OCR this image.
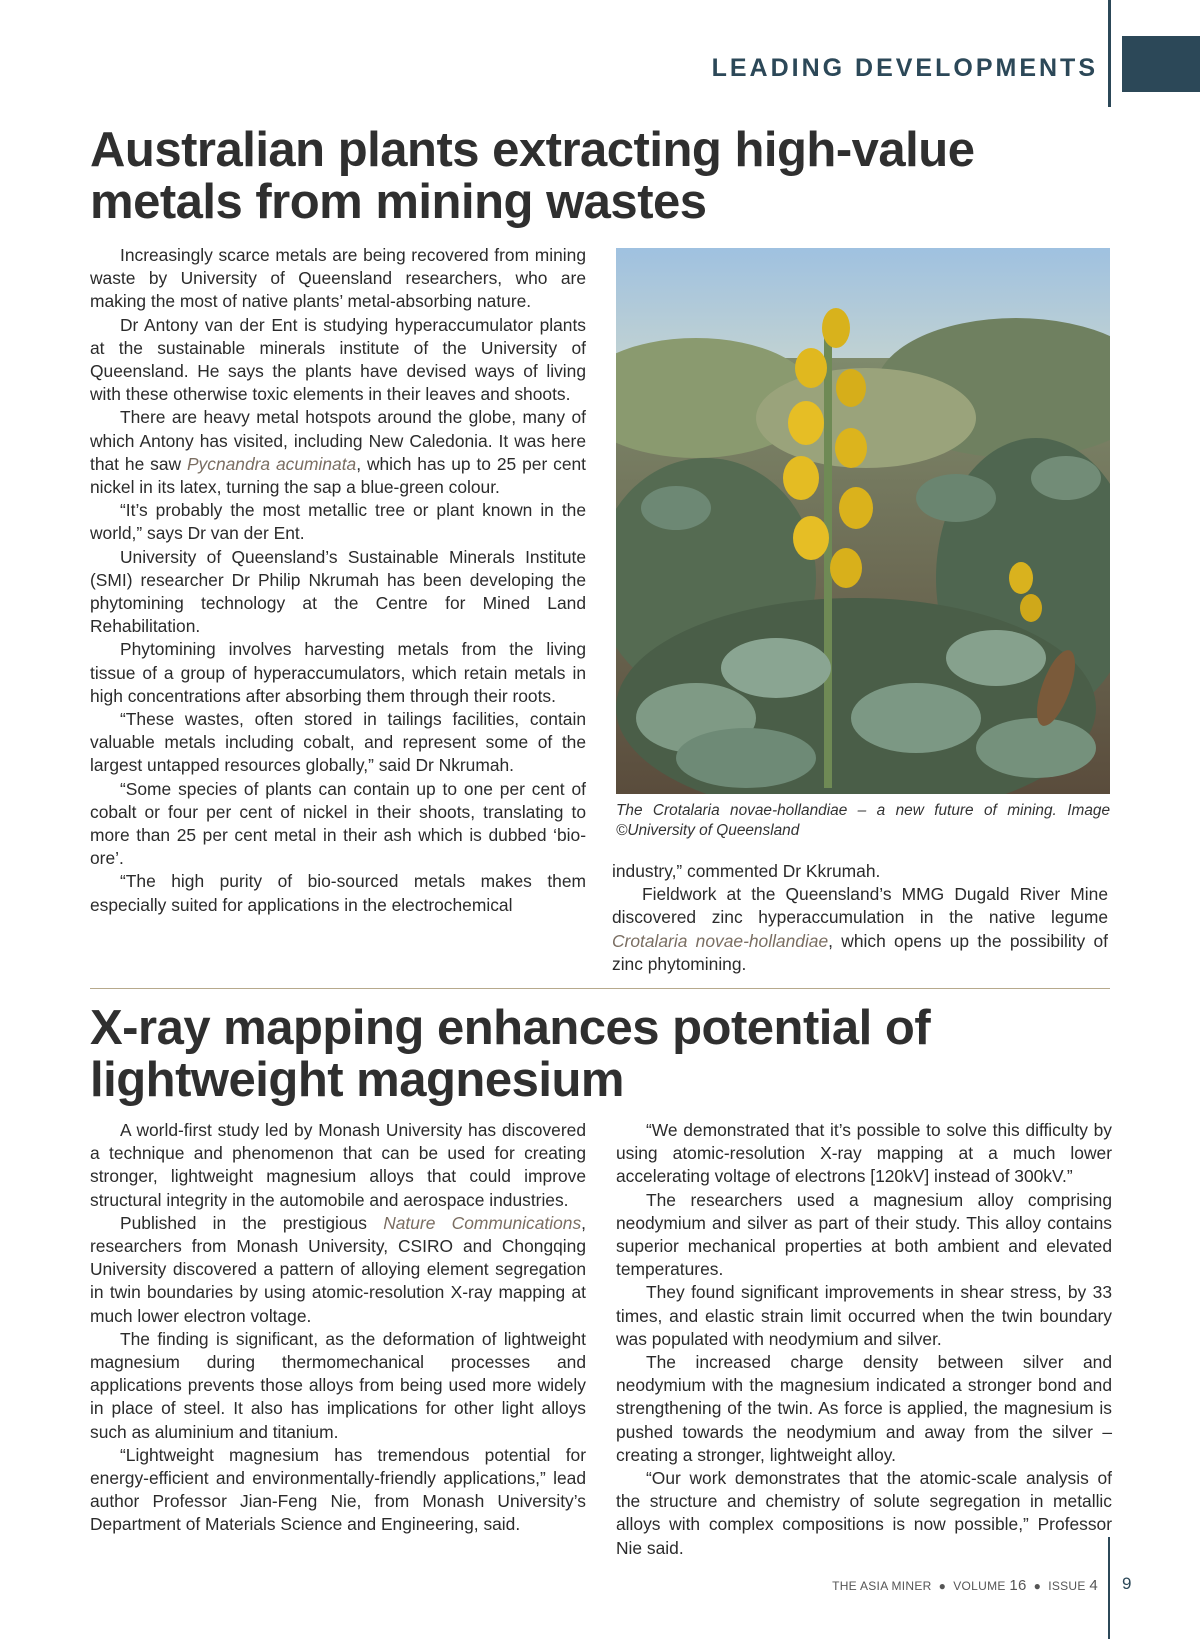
LEADING DEVELOPMENTS
Australian plants extracting high-value
metals from mining wastes

Increasingly scarce metals are being recovered from mining waste by University of Queensland researchers, who are making the most of native plants’ metal-absorbing nature.

Dr Antony van der Ent is studying hyperaccumulator plants at the sustainable minerals institute of the University of Queensland. He says the plants have devised ways of living with these otherwise toxic elements in their leaves and shoots.

There are heavy metal hotspots around the globe, many of which Antony has visited, including New Caledonia. It was here that he saw Pycnandra acuminata, which has up to 25 per cent nickel in its latex, turning the sap a blue-green colour.

“It’s probably the most metallic tree or plant known in the world,” says Dr van der Ent.

University of Queensland’s Sustainable Minerals Institute (SMI) researcher Dr Philip Nkrumah has been developing the phytomining technology at the Centre for Mined Land Rehabilitation.

Phytomining involves harvesting metals from the living tissue of a group of hyperaccumulators, which retain metals in high concentrations after absorbing them through their roots.

“These wastes, often stored in tailings facilities, contain valuable metals including cobalt, and represent some of the largest untapped resources globally,” said Dr Nkrumah.

“Some species of plants can contain up to one per cent of cobalt or four per cent of nickel in their shoots, translating to more than 25 per cent metal in their ash which is dubbed ‘bio-ore’.

“The high purity of bio-sourced metals makes them especially suited for applications in the electrochemical

The Crotalaria novae-hollandiae – a new future of mining. Image ©University of Queensland

industry,” commented Dr Kkrumah.

Fieldwork at the Queensland’s MMG Dugald River Mine discovered zinc hyperaccumulation in the native legume Crotalaria novae-hollandiae, which opens up the possibility of zinc phytomining.

X-ray mapping enhances potential of
lightweight magnesium

A world-first study led by Monash University has discovered a technique and phenomenon that can be used for creating stronger, lightweight magnesium alloys that could improve structural integrity in the automobile and aerospace industries.

Published in the prestigious Nature Communications, researchers from Monash University, CSIRO and Chongqing University discovered a pattern of alloying element segregation in twin boundaries by using atomic-resolution X-ray mapping at much lower electron voltage.

The finding is significant, as the deformation of lightweight magnesium during thermomechanical processes and applications prevents those alloys from being used more widely in place of steel. It also has implications for other light alloys such as aluminium and titanium.

“Lightweight magnesium has tremendous potential for energy-efficient and environmentally-friendly applications,” lead author Professor Jian-Feng Nie, from Monash University’s Department of Materials Science and Engineering, said.

“We demonstrated that it’s possible to solve this difficulty by using atomic-resolution X-ray mapping at a much lower accelerating voltage of electrons [120kV] instead of 300kV.”

The researchers used a magnesium alloy comprising neodymium and silver as part of their study. This alloy contains superior mechanical properties at both ambient and elevated temperatures.

They found significant improvements in shear stress, by 33 times, and elastic strain limit occurred when the twin boundary was populated with neodymium and silver.

The increased charge density between silver and neodymium with the magnesium indicated a stronger bond and strengthening of the twin. As force is applied, the magnesium is pushed towards the neodymium and away from the silver – creating a stronger, lightweight alloy.

“Our work demonstrates that the atomic-scale analysis of the structure and chemistry of solute segregation in metallic alloys with complex compositions is now possible,” Professor Nie said.

THE ASIA MINER ● VOLUME 16 ● ISSUE 4 9
